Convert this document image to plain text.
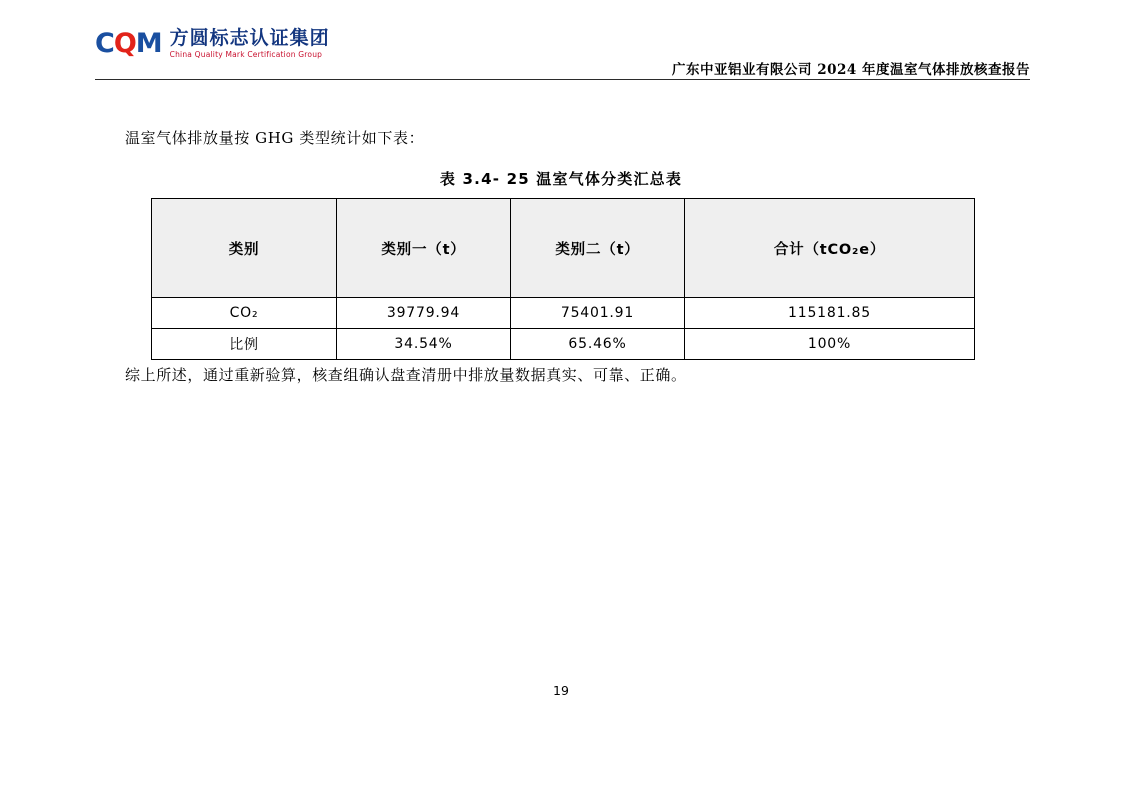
CQM 方圆标志认证集团
China Quality Mark Certification Group
广东中亚铝业有限公司 2024 年度温室气体排放核查报告
温室气体排放量按 GHG 类型统计如下表：
表 3.4- 25 温室气体分类汇总表
类别	类别一（t）	类别二（t）	合计（tCO₂e）
CO₂	39779.94	75401.91	115181.85
比例	34.54%	65.46%	100%
综上所述，通过重新验算，核查组确认盘查清册中排放量数据真实、可靠、正确。
19
